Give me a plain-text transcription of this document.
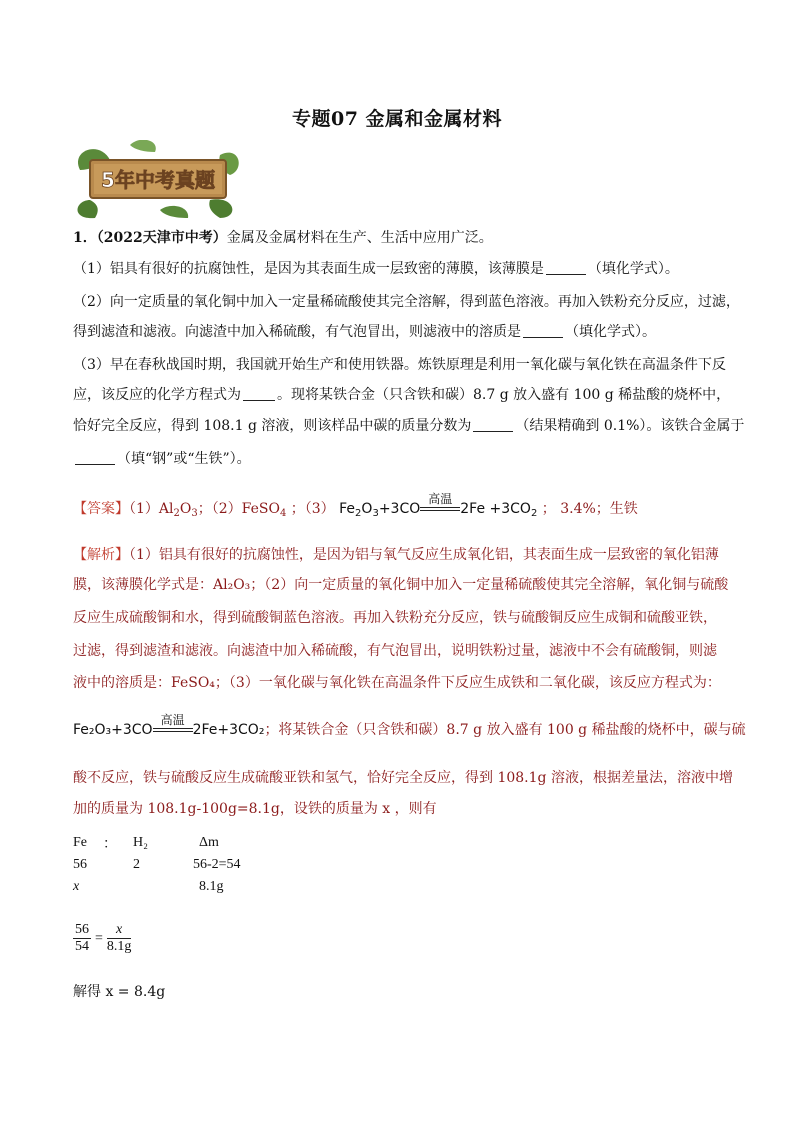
专题07 金属和金属材料
5年中考真题
1．（2022天津市中考）金属及金属材料在生产、生活中应用广泛。
（1）铝具有很好的抗腐蚀性，是因为其表面生成一层致密的薄膜，该薄膜是	（填化学式）。
（2）向一定质量的氧化铜中加入一定量稀硫酸使其完全溶解，得到蓝色溶液。再加入铁粉充分反应，过滤，
得到滤渣和滤液。向滤渣中加入稀硫酸，有气泡冒出，则滤液中的溶质是	（填化学式）。
（3）早在春秋战国时期，我国就开始生产和使用铁器。炼铁原理是利用一氧化碳与氧化铁在高温条件下反
应，该反应的化学方程式为	。现将某铁合金（只含铁和碳）8.7 g 放入盛有 100 g 稀盐酸的烧杯中，
恰好完全反应，得到 108.1 g 溶液，则该样品中碳的质量分数为	（结果精确到 0.1%）。该铁合金属于
（填“钢”或“生铁”）。
【答案】$(1)Al_2O_3$；（2）FeSO$_4$ ；（3） $Fe_2O_3+3CO$
高温
$2Fe +3CO_2$ ； 3.4%；生铁
【解析】（1）铝具有很好的抗腐蚀性，是因为铝与氧气反应生成氧化铝，其表面生成一层致密的氧化铝薄
膜，该薄膜化学式是：Al₂O₃；（2）向一定质量的氧化铜中加入一定量稀硫酸使其完全溶解，氧化铜与硫酸
反应生成硫酸铜和水，得到硫酸铜蓝色溶液。再加入铁粉充分反应，铁与硫酸铜反应生成铜和硫酸亚铁，
过滤，得到滤渣和滤液。向滤渣中加入稀硫酸，有气泡冒出，说明铁粉过量，滤液中不会有硫酸铜，则滤
液中的溶质是：FeSO₄；（3）一氧化碳与氧化铁在高温条件下反应生成铁和二氧化碳，该反应方程式为：
Fe₂O₃+3CO
高温
2Fe+3CO₂；将某铁合金（只含铁和碳）8.7 g 放入盛有 100 g 稀盐酸的烧杯中，碳与硫
酸不反应，铁与硫酸反应生成硫酸亚铁和氢气，恰好完全反应，得到 108.1g 溶液，根据差量法，溶液中增
加的质量为 108.1g-100g=8.1g，设铁的质量为 x ，则有
Fe	：	H₂	Δm
56		2	56-2=54
x			8.1g
$\frac{56}{54} = \frac{x}{8.1g}$
解得 x = 8.4g
